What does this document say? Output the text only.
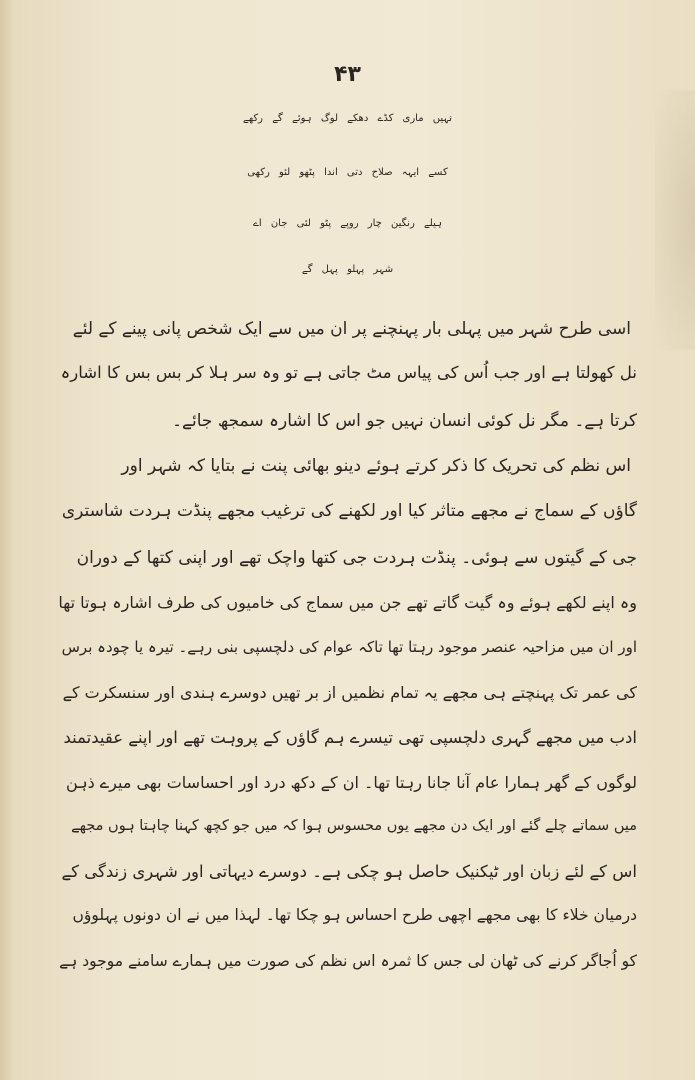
۴۳
نہیں ماری کڈے دھکے لوگ ہوئے گے رکھے
کسے ایہہ صلاح دتی اندا پٹھو لئو رکھی
ہیلے رنگین چار روپے پٹو لئی جان اے
شہر پہلو پہل گے
اسی طرح شہر میں پہلی بار پہنچنے پر ان میں سے ایک شخص پانی پینے کے لئے
نل کھولتا ہے اور جب اُس کی پیاس مٹ جاتی ہے تو وہ سر ہلا کر بس بس کا اشارہ
کرتا ہے۔ مگر نل کوئی انسان نہیں جو اس کا اشارہ سمجھ جائے۔
اس نظم کی تحریک کا ذکر کرتے ہوئے دینو بھائی پنت نے بتایا کہ شہر اور
گاؤں کے سماج نے مجھے متاثر کیا اور لکھنے کی ترغیب مجھے پنڈت ہردت شاستری
جی کے گیتوں سے ہوئی۔ پنڈت ہردت جی کتھا واچک تھے اور اپنی کتھا کے دوران
وہ اپنے لکھے ہوئے وہ گیت گاتے تھے جن میں سماج کی خامیوں کی طرف اشارہ ہوتا تھا
اور ان میں مزاحیہ عنصر موجود رہتا تھا تاکہ عوام کی دلچسپی بنی رہے۔ تیرہ یا چودہ برس
کی عمر تک پہنچتے ہی مجھے یہ تمام نظمیں از بر تھیں دوسرے ہندی اور سنسکرت کے
ادب میں مجھے گہری دلچسپی تھی تیسرے ہم گاؤں کے پروہت تھے اور اپنے عقیدتمند
لوگوں کے گھر ہمارا عام آنا جانا رہتا تھا۔ ان کے دکھ درد اور احساسات بھی میرے ذہن
میں سماتے چلے گئے اور ایک دن مجھے یوں محسوس ہوا کہ میں جو کچھ کہنا چاہتا ہوں مجھے
اس کے لئے زبان اور ٹیکنیک حاصل ہو چکی ہے۔ دوسرے دیہاتی اور شہری زندگی کے
درمیان خلاء کا بھی مجھے اچھی طرح احساس ہو چکا تھا۔ لہذا میں نے ان دونوں پہلوؤں
کو اُجاگر کرنے کی ٹھان لی جس کا ثمرہ اس نظم کی صورت میں ہمارے سامنے موجود ہے
